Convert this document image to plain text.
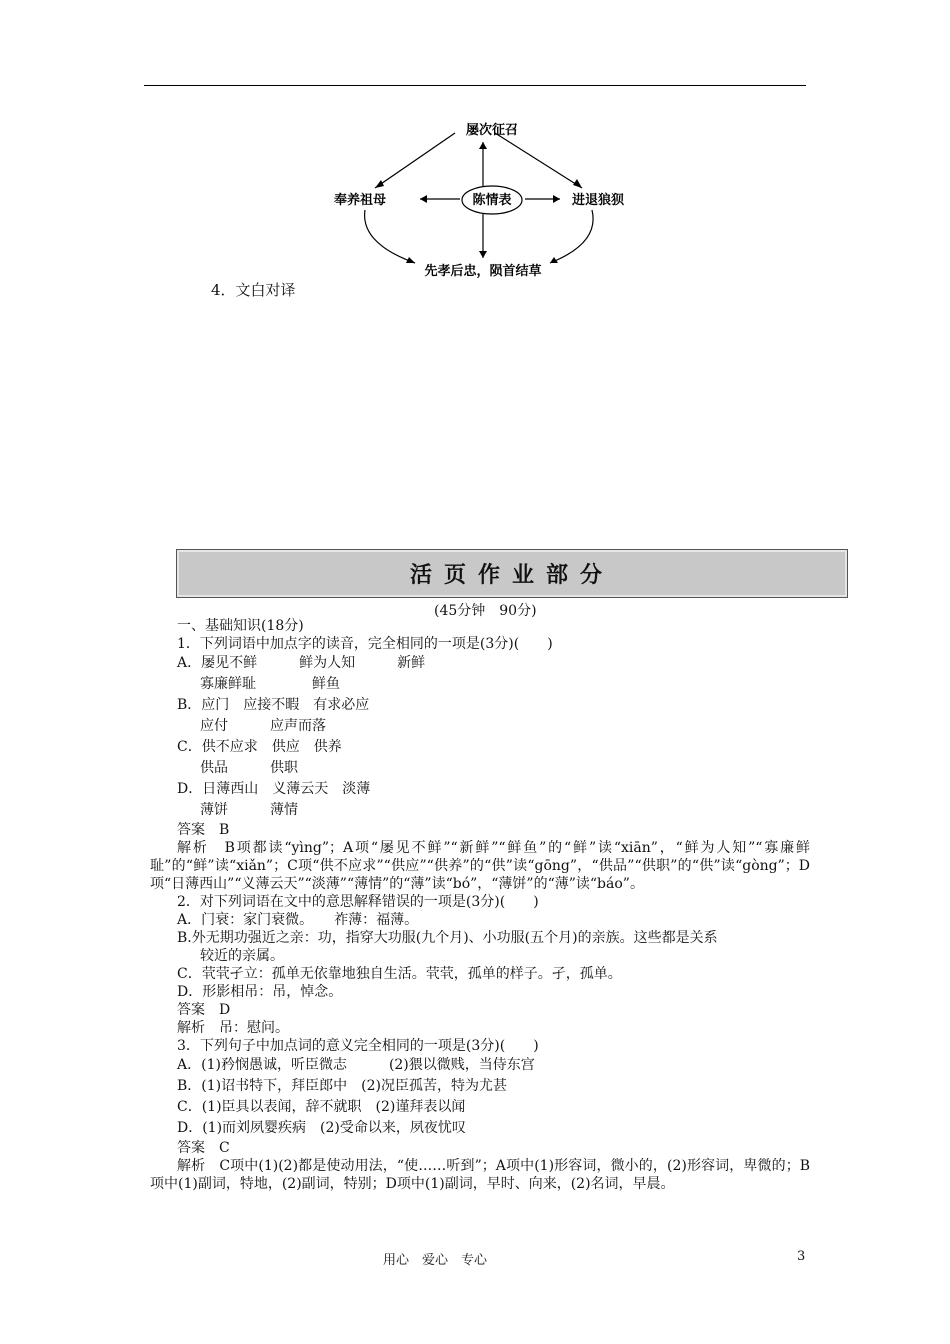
陈情表
屡次征召
奉养祖母	进退狼狈
先孝后忠，陨首结草
4．文白对译
活页作业部分
(45分钟　90分)
一、基础知识(18分)
1．下列词语中加点字的读音，完全相同的一项是(3分)(　　)
A．屡见不鲜　　　鲜为人知　　　新鲜
寡廉鲜耻　　　　鲜鱼
B．应门　应接不暇　有求必应
应付　　　应声而落
C．供不应求　供应　供养
供品　　　供职
D．日薄西山　义薄云天　淡薄
薄饼　　　薄情
答案　B
解析　B项都读“yìng”；A项“屡见不鲜”“新鲜”“鲜鱼”的“鲜”读“xiān”，“鲜为人知”“寡廉鲜耻”的“鲜”读“xiǎn”；C项“供不应求”“供应”“供养”的“供”读“gōng”，“供品”“供职”的“供”读“gòng”；D项“日薄西山”“义薄云天”“淡薄”“薄情”的“薄”读“bó”，“薄饼”的“薄”读“báo”。
2．对下列词语在文中的意思解释错误的一项是(3分)(　　)
A．门衰：家门衰微。　　祚薄：福薄。
B.外无期功强近之亲：功，指穿大功服(九个月)、小功服(五个月)的亲族。这些都是关系
较近的亲属。
C．茕茕孑立：孤单无依靠地独自生活。茕茕，孤单的样子。孑，孤单。
D．形影相吊：吊，悼念。
答案　D
解析　吊：慰问。
3．下列句子中加点词的意义完全相同的一项是(3分)(　　)
A．(1)矜悯愚诚，听臣微志　　　(2)猥以微贱，当侍东宫
B．(1)诏书特下，拜臣郎中　(2)况臣孤苦，特为尤甚
C．(1)臣具以表闻，辞不就职　(2)谨拜表以闻
D．(1)而刘夙婴疾病　(2)受命以来，夙夜忧叹
答案　C
解析　C项中(1)(2)都是使动用法，“使……听到”；A项中(1)形容词，微小的，(2)形容词，卑微的；B项中(1)副词，特地，(2)副词，特别；D项中(1)副词，早时、向来，(2)名词，早晨。
用心　爱心　专心	3
